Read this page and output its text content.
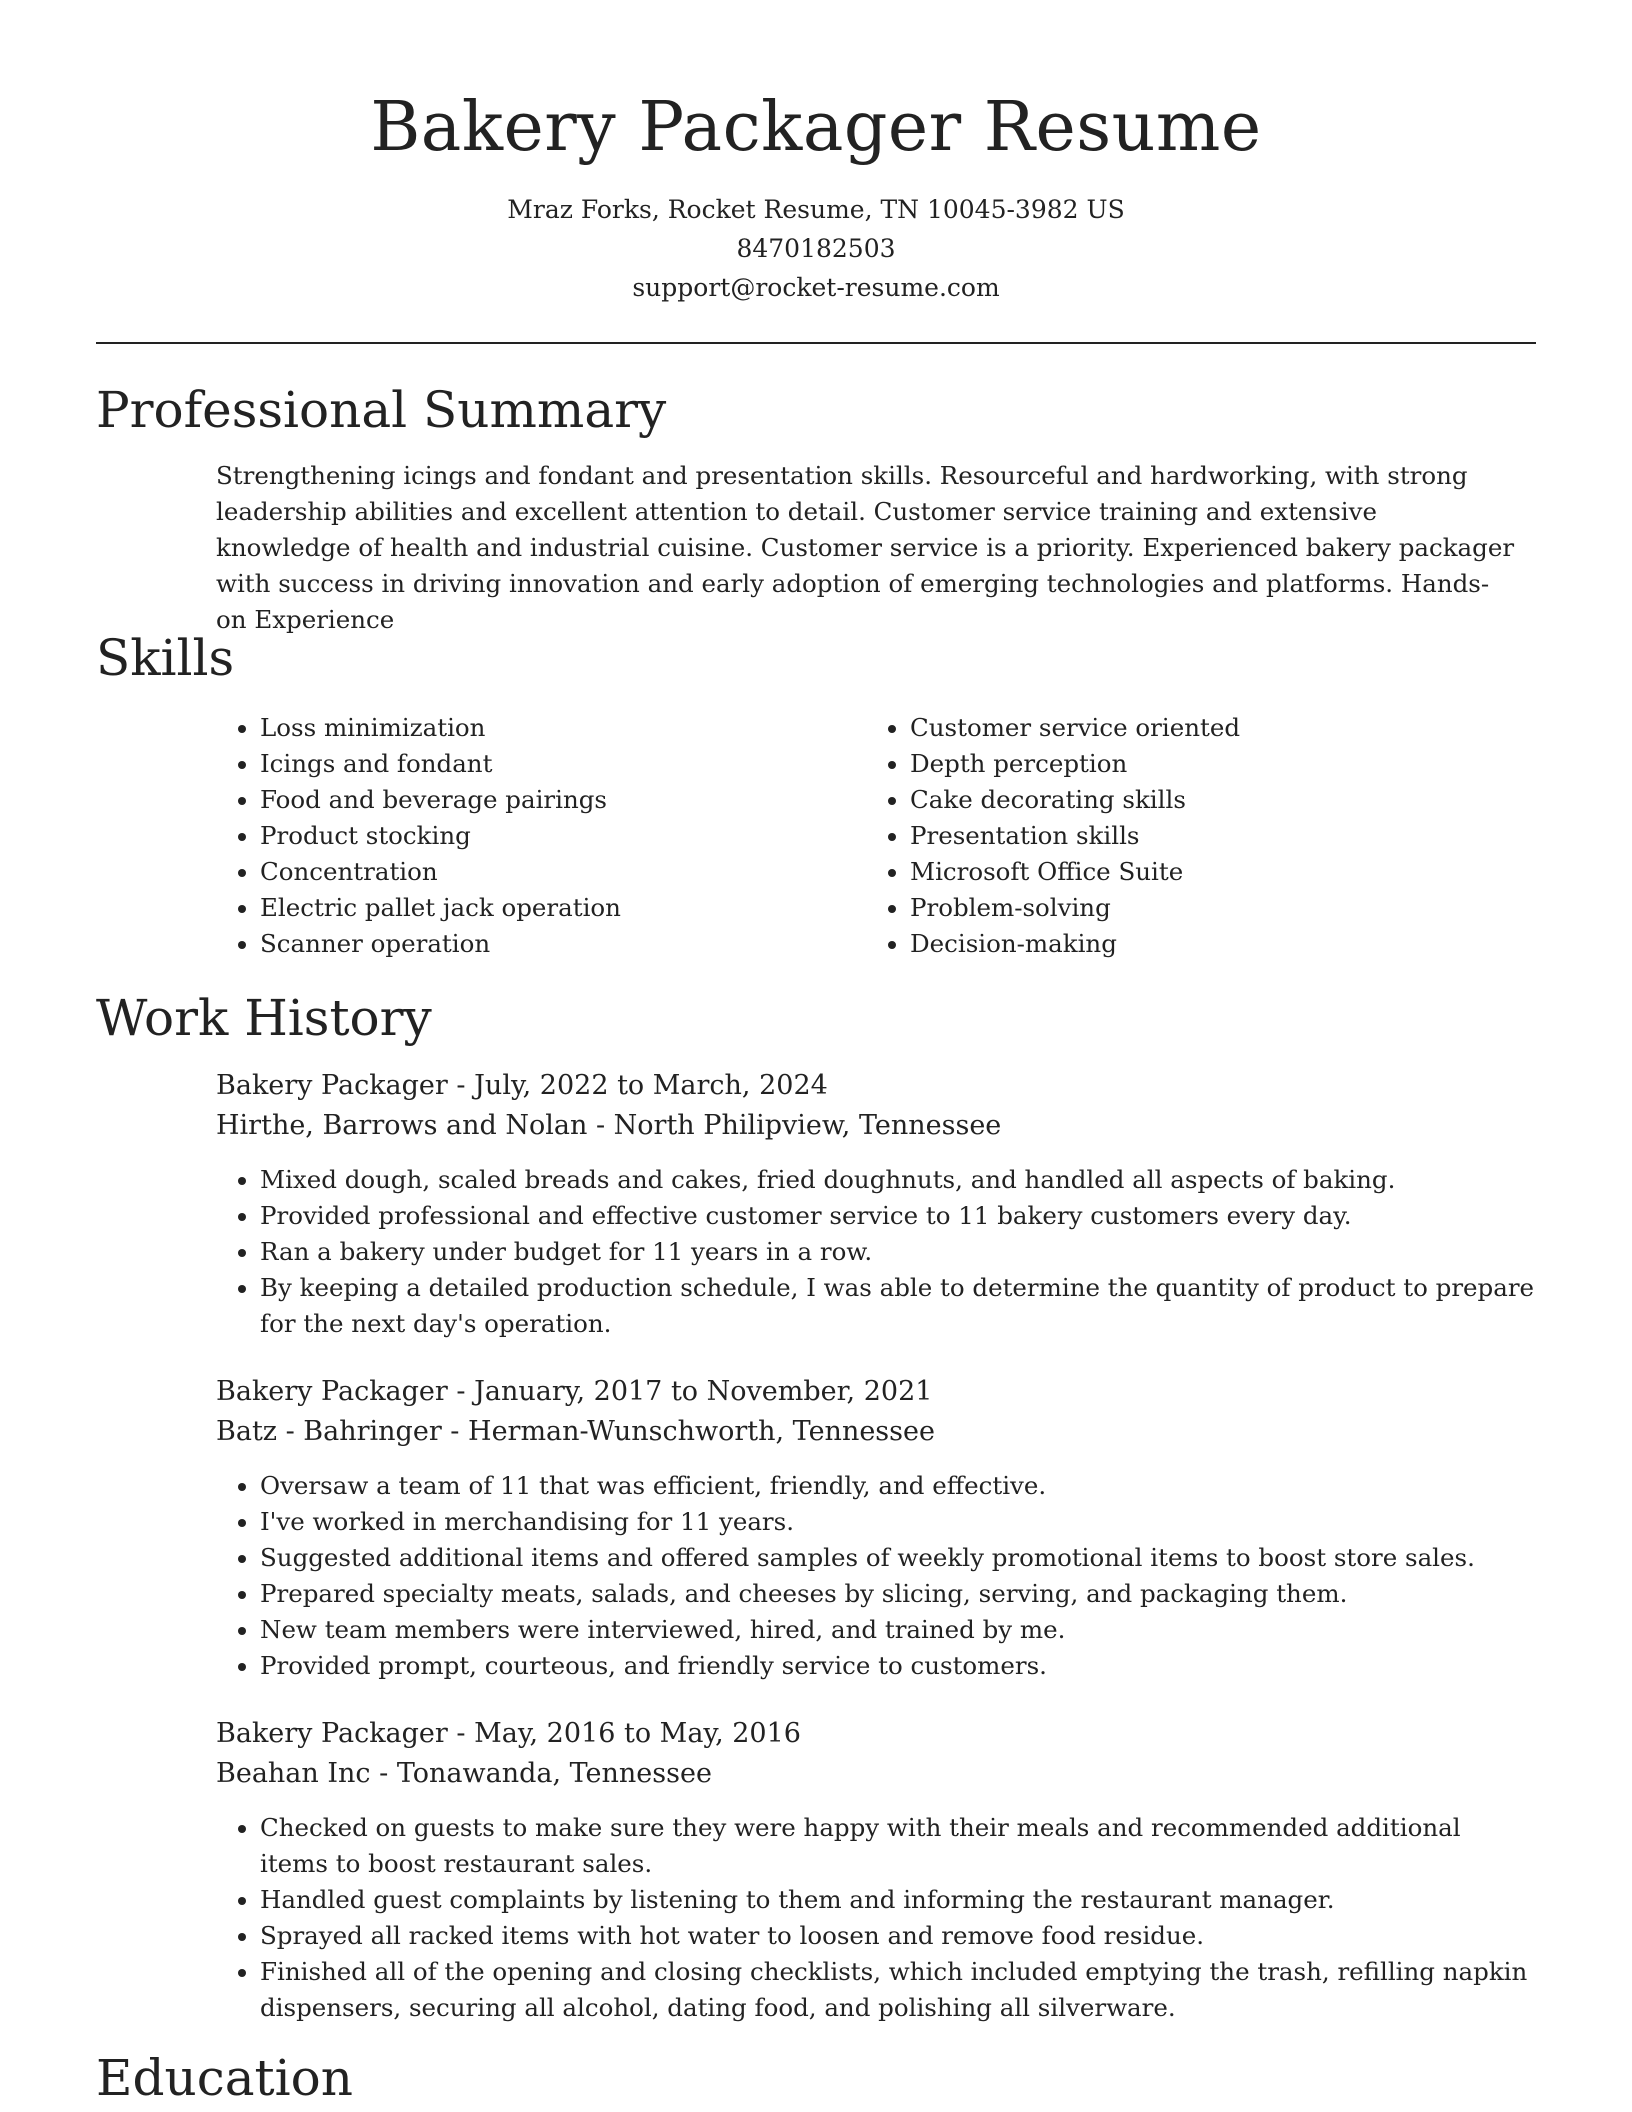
Bakery Packager Resume
Mraz Forks, Rocket Resume, TN 10045-3982 US
8470182503
support@rocket-resume.com
Professional Summary
Strengthening icings and fondant and presentation skills. Resourceful and hardworking, with strong leadership abilities and excellent attention to detail. Customer service training and extensive knowledge of health and industrial cuisine. Customer service is a priority. Experienced bakery packager with success in driving innovation and early adoption of emerging technologies and platforms. Hands-on Experience
Skills
• Loss minimization
• Icings and fondant
• Food and beverage pairings
• Product stocking
• Concentration
• Electric pallet jack operation
• Scanner operation
• Customer service oriented
• Depth perception
• Cake decorating skills
• Presentation skills
• Microsoft Office Suite
• Problem-solving
• Decision-making
Work History
Bakery Packager - July, 2022 to March, 2024
Hirthe, Barrows and Nolan - North Philipview, Tennessee
• Mixed dough, scaled breads and cakes, fried doughnuts, and handled all aspects of baking.
• Provided professional and effective customer service to 11 bakery customers every day.
• Ran a bakery under budget for 11 years in a row.
• By keeping a detailed production schedule, I was able to determine the quantity of product to prepare for the next day's operation.
Bakery Packager - January, 2017 to November, 2021
Batz - Bahringer - Herman-Wunschworth, Tennessee
• Oversaw a team of 11 that was efficient, friendly, and effective.
• I've worked in merchandising for 11 years.
• Suggested additional items and offered samples of weekly promotional items to boost store sales.
• Prepared specialty meats, salads, and cheeses by slicing, serving, and packaging them.
• New team members were interviewed, hired, and trained by me.
• Provided prompt, courteous, and friendly service to customers.
Bakery Packager - May, 2016 to May, 2016
Beahan Inc - Tonawanda, Tennessee
• Checked on guests to make sure they were happy with their meals and recommended additional items to boost restaurant sales.
• Handled guest complaints by listening to them and informing the restaurant manager.
• Sprayed all racked items with hot water to loosen and remove food residue.
• Finished all of the opening and closing checklists, which included emptying the trash, refilling napkin dispensers, securing all alcohol, dating food, and polishing all silverware.
Education
